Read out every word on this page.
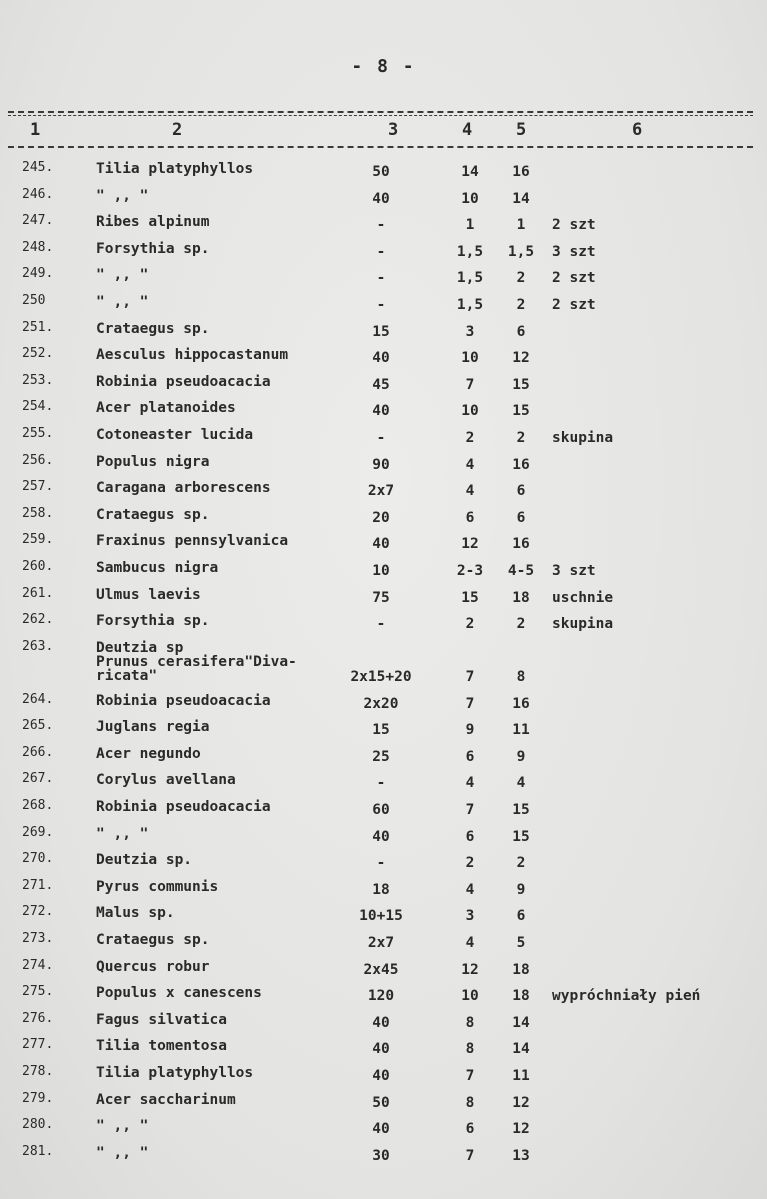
- 8 -
1	2	3	4	5	6
245.	Tilia platyphyllos	50	14	16
246.	" ,, "	40	10	14
247.	Ribes alpinum	-	1	1	2 szt
248.	Forsythia sp.	-	1,5	1,5	3 szt
249.	" ,, "	-	1,5	2	2 szt
250	" ,, "	-	1,5	2	2 szt
251.	Crataegus sp.	15	3	6
252.	Aesculus hippocastanum	40	10	12
253.	Robinia pseudoacacia	45	7	15
254.	Acer platanoides	40	10	15
255.	Cotoneaster lucida	-	2	2	skupina
256.	Populus nigra	90	4	16
257.	Caragana arborescens	2x7	4	6
258.	Crataegus sp.	20	6	6
259.	Fraxinus pennsylvanica	40	12	16
260.	Sambucus nigra	10	2-3	4-5	3 szt
261.	Ulmus laevis	75	15	18	uschnie
262.	Forsythia sp.	-	2	2	skupina
263.	Deutzia sp
Prunus cerasifera"Diva-
ricata"	2x15+20	7	8
264.	Robinia pseudoacacia	2x20	7	16
265.	Juglans regia	15	9	11
266.	Acer negundo	25	6	9
267.	Corylus avellana	-	4	4
268.	Robinia pseudoacacia	60	7	15
269.	" ,, "	40	6	15
270.	Deutzia sp.	-	2	2
271.	Pyrus communis	18	4	9
272.	Malus sp.	10+15	3	6
273.	Crataegus sp.	2x7	4	5
274.	Quercus robur	2x45	12	18
275.	Populus x canescens	120	10	18	wypróchniały pień
276.	Fagus silvatica	40	8	14
277.	Tilia tomentosa	40	8	14
278.	Tilia platyphyllos	40	7	11
279.	Acer saccharinum	50	8	12
280.	" ,, "	40	6	12
281.	" ,, "	30	7	13
